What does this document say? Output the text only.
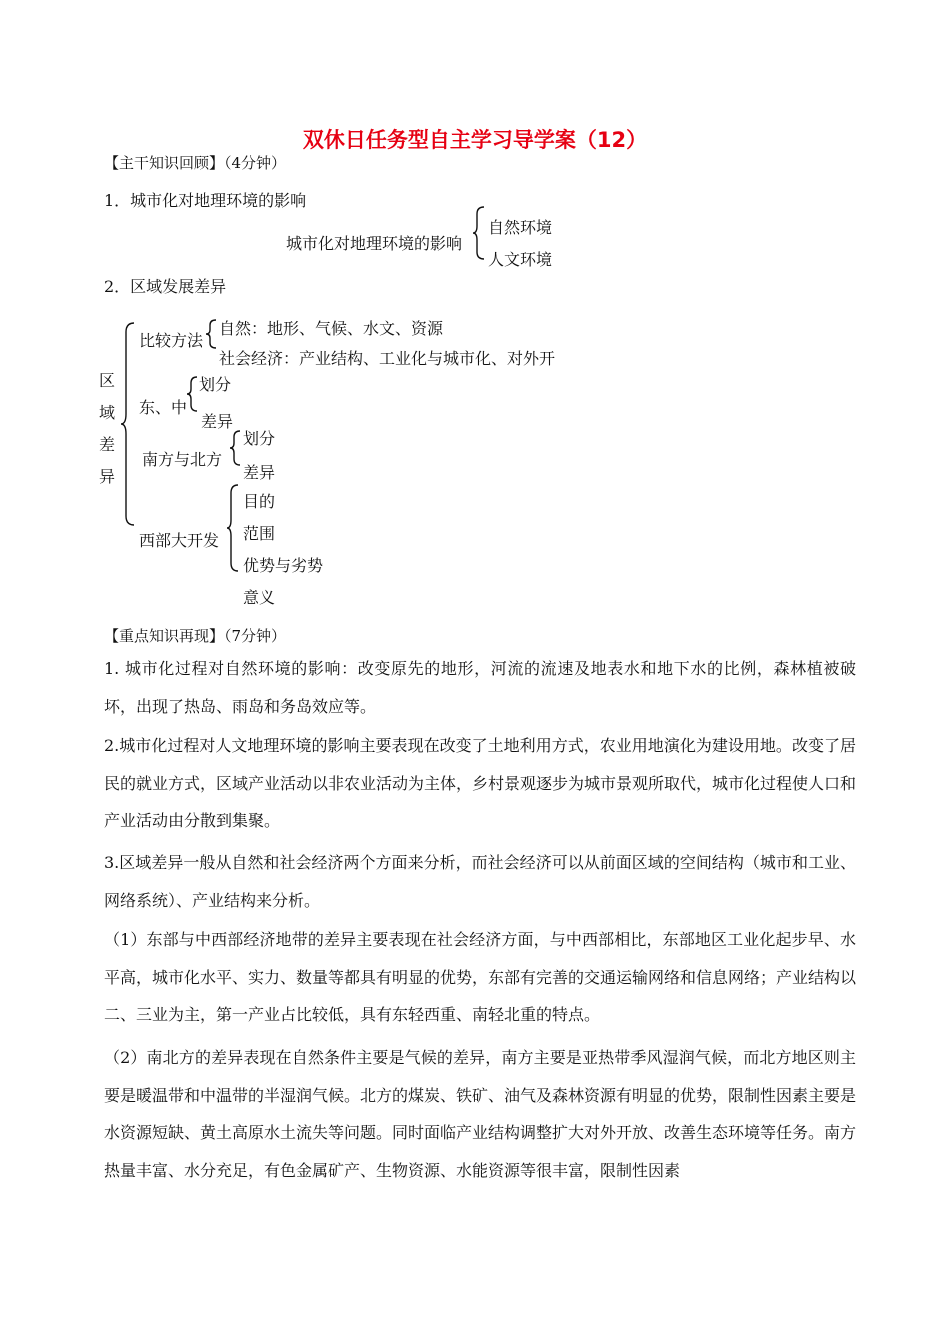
双休日任务型自主学习导学案（12）
【主干知识回顾】（4分钟）
1．城市化对地理环境的影响
城市化对地理环境的影响
自然环境
人文环境
2．区域发展差异
区
域
差
异
比较方法
自然：地形、气候、水文、资源
社会经济：产业结构、工业化与城市化、对外开
东、中
划分
差异
南方与北方
划分
差异
西部大开发
目的
范围
优势与劣势
意义
【重点知识再现】（7分钟）
1. 城市化过程对自然环境的影响：改变原先的地形，河流的流速及地表水和地下水的比例，森林植被破坏，出现了热岛、雨岛和务岛效应等。
2.城市化过程对人文地理环境的影响主要表现在改变了土地利用方式，农业用地演化为建设用地。改变了居民的就业方式，区域产业活动以非农业活动为主体，乡村景观逐步为城市景观所取代，城市化过程使人口和产业活动由分散到集聚。
3.区域差异一般从自然和社会经济两个方面来分析，而社会经济可以从前面区域的空间结构（城市和工业、网络系统）、产业结构来分析。
（1）东部与中西部经济地带的差异主要表现在社会经济方面，与中西部相比，东部地区工业化起步早、水平高，城市化水平、实力、数量等都具有明显的优势，东部有完善的交通运输网络和信息网络；产业结构以二、三业为主，第一产业占比较低，具有东轻西重、南轻北重的特点。
（2）南北方的差异表现在自然条件主要是气候的差异，南方主要是亚热带季风湿润气候，而北方地区则主要是暖温带和中温带的半湿润气候。北方的煤炭、铁矿、油气及森林资源有明显的优势，限制性因素主要是水资源短缺、黄土高原水土流失等问题。同时面临产业结构调整扩大对外开放、改善生态环境等任务。南方热量丰富、水分充足，有色金属矿产、生物资源、水能资源等很丰富，限制性因素
